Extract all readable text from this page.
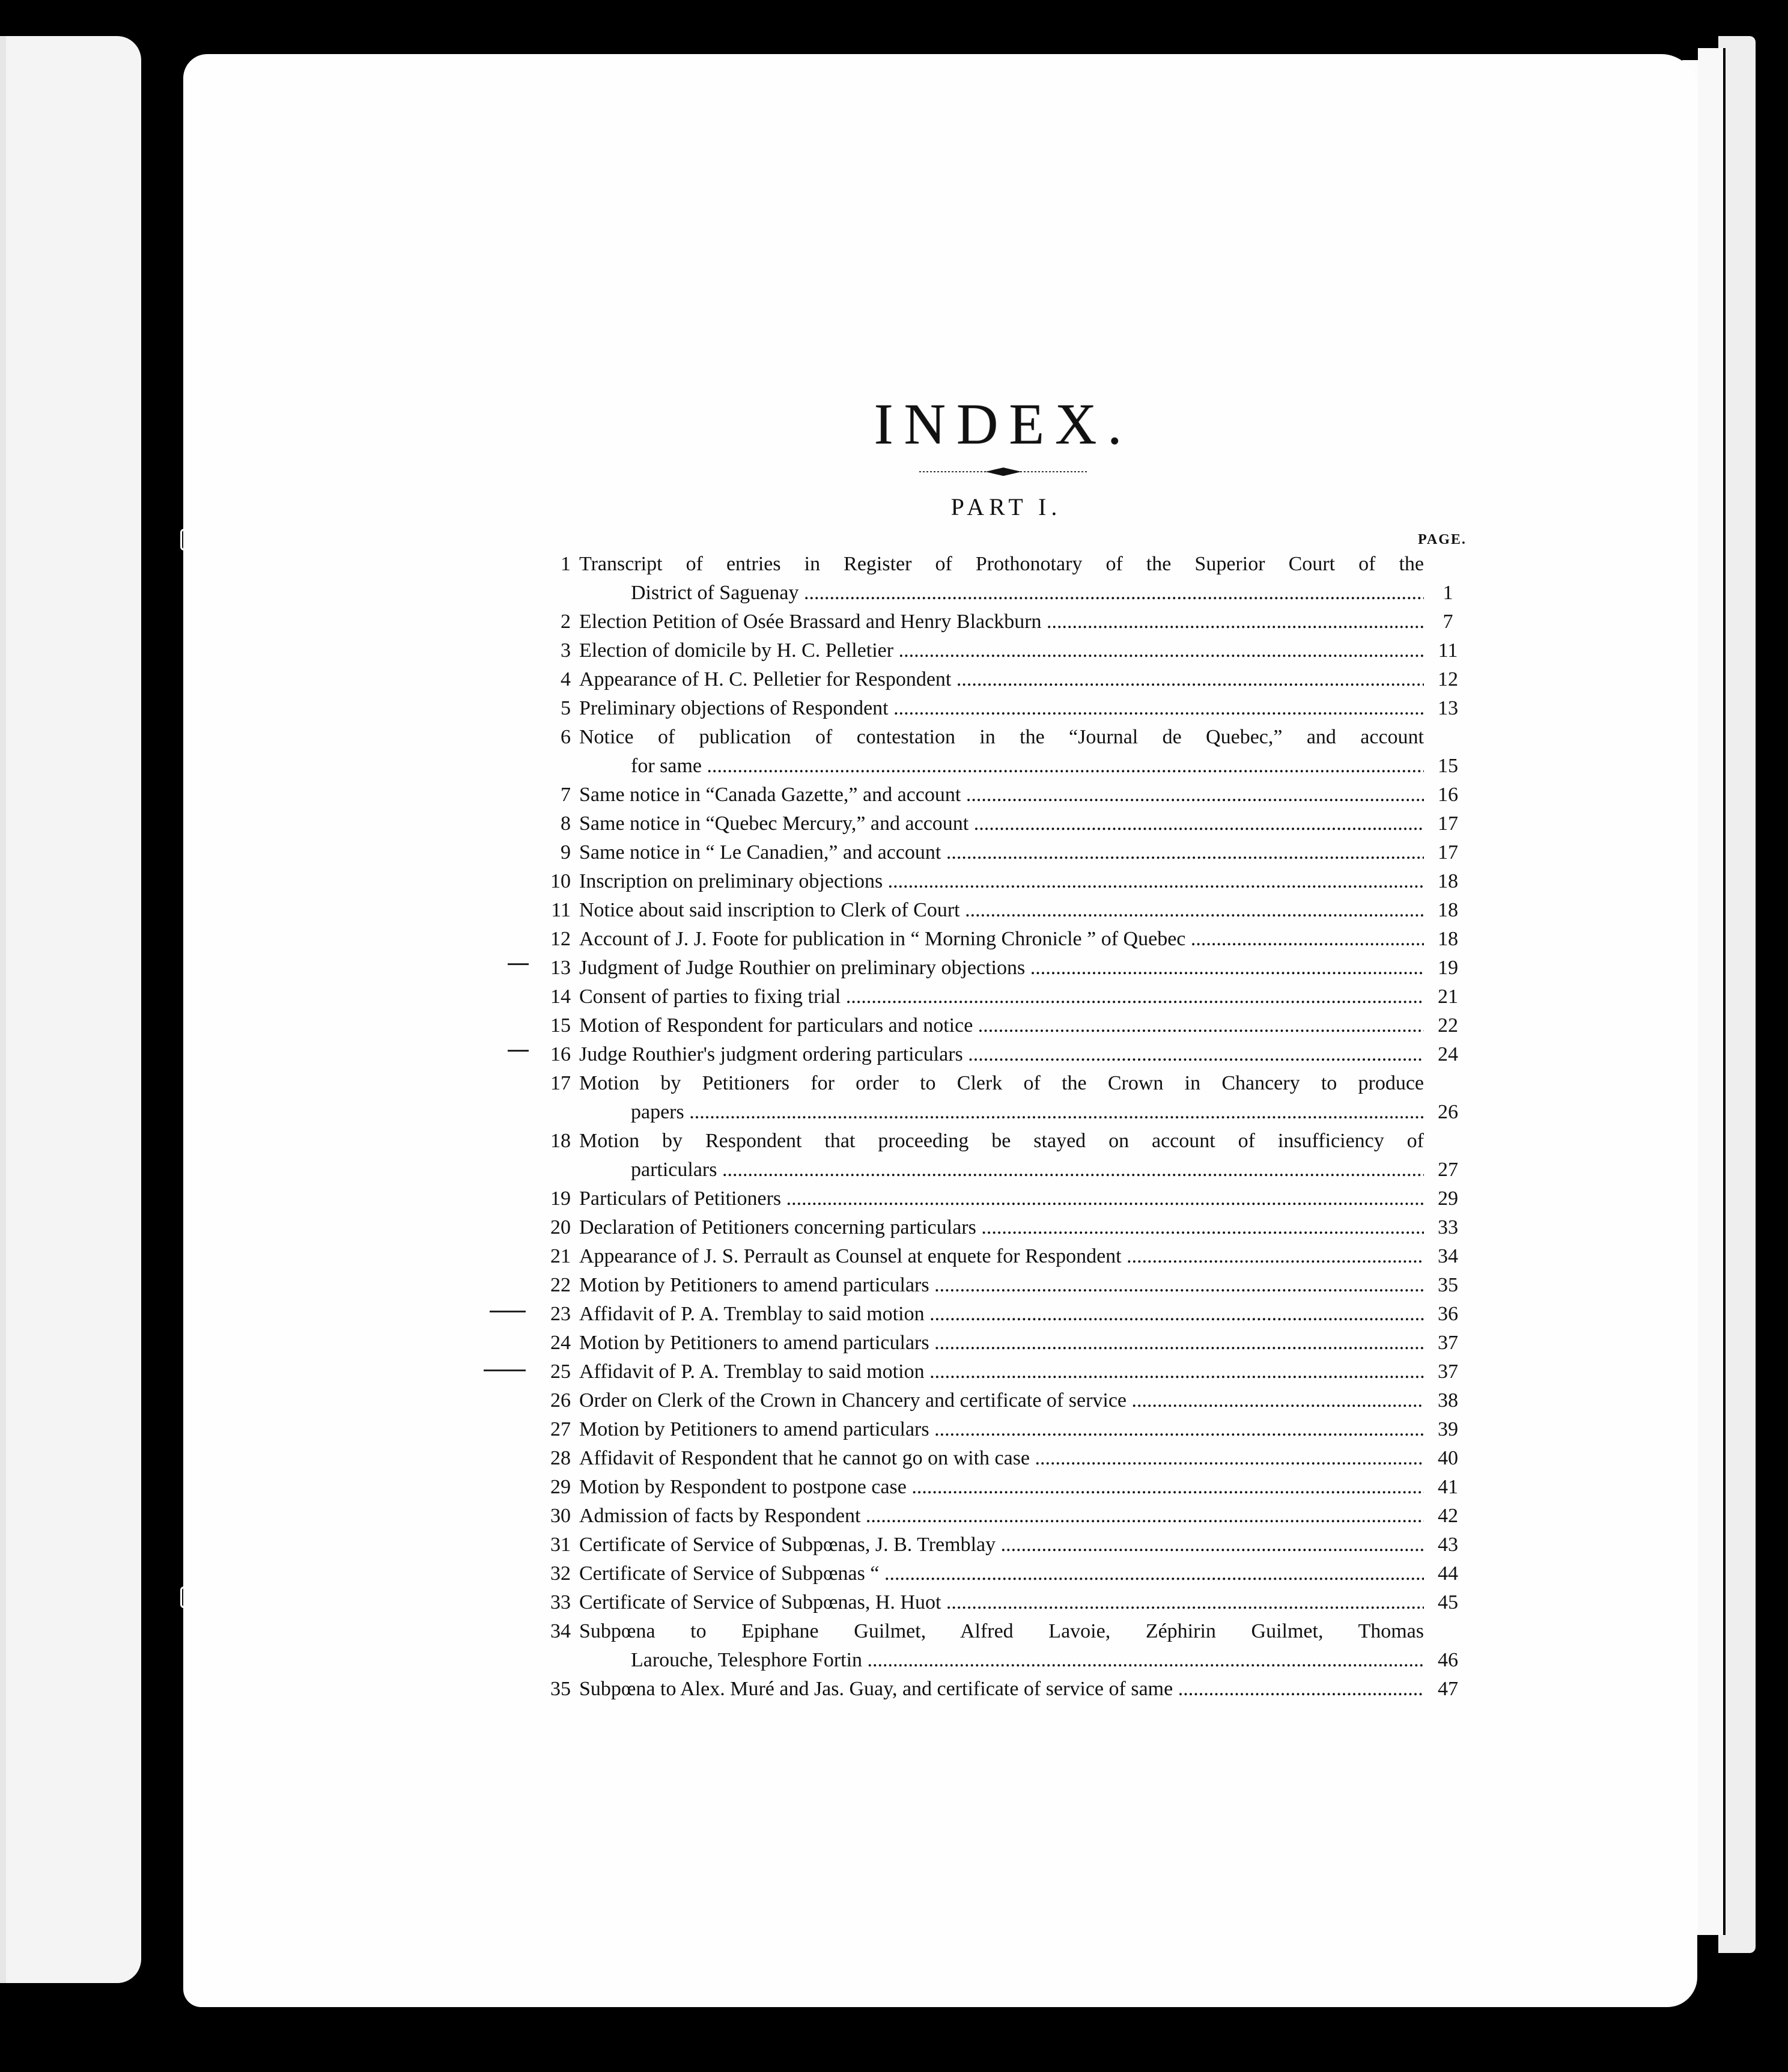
INDEX.
PART I.
PAGE.
1 Transcript of entries in Register of Prothonotary of the Superior Court of the
District of Saguenay .....	1
2 Election Petition of Osée Brassard and Henry Blackburn .....	7
3 Election of domicile by H. C. Pelletier .....	11
4 Appearance of H. C. Pelletier for Respondent .....	12
5 Preliminary objections of Respondent .....	13
6 Notice of publication of contestation in the “Journal de Quebec,” and account
for same .....	15
7 Same notice in “Canada Gazette,” and account .....	16
8 Same notice in “Quebec Mercury,” and account .....	17
9 Same notice in “ Le Canadien,” and account .....	17
10 Inscription on preliminary objections .....	18
11 Notice about said inscription to Clerk of Court .....	18
12 Account of J. J. Foote for publication in “ Morning Chronicle ” of Quebec .....	18
13 Judgment of Judge Routhier on preliminary objections .....	19
14 Consent of parties to fixing trial .....	21
15 Motion of Respondent for particulars and notice .....	22
16 Judge Routhier's judgment ordering particulars .....	24
17 Motion by Petitioners for order to Clerk of the Crown in Chancery to produce
papers .....	26
18 Motion by Respondent that proceeding be stayed on account of insufficiency of
particulars .....	27
19 Particulars of Petitioners .....	29
20 Declaration of Petitioners concerning particulars .....	33
21 Appearance of J. S. Perrault as Counsel at enquete for Respondent .....	34
22 Motion by Petitioners to amend particulars .....	35
23 Affidavit of P. A. Tremblay to said motion .....	36
24 Motion by Petitioners to amend particulars .....	37
25 Affidavit of P. A. Tremblay to said motion .....	37
26 Order on Clerk of the Crown in Chancery and certificate of service .....	38
27 Motion by Petitioners to amend particulars .....	39
28 Affidavit of Respondent that he cannot go on with case .....	40
29 Motion by Respondent to postpone case .....	41
30 Admission of facts by Respondent .....	42
31 Certificate of Service of Subpœnas, J. B. Tremblay .....	43
32 Certificate of Service of Subpœnas “ .....	44
33 Certificate of Service of Subpœnas, H. Huot .....	45
34 Subpœna to Epiphane Guilmet, Alfred Lavoie, Zéphirin Guilmet, Thomas
Larouche, Telesphore Fortin .....	46
35 Subpœna to Alex. Muré and Jas. Guay, and certificate of service of same .....	47
